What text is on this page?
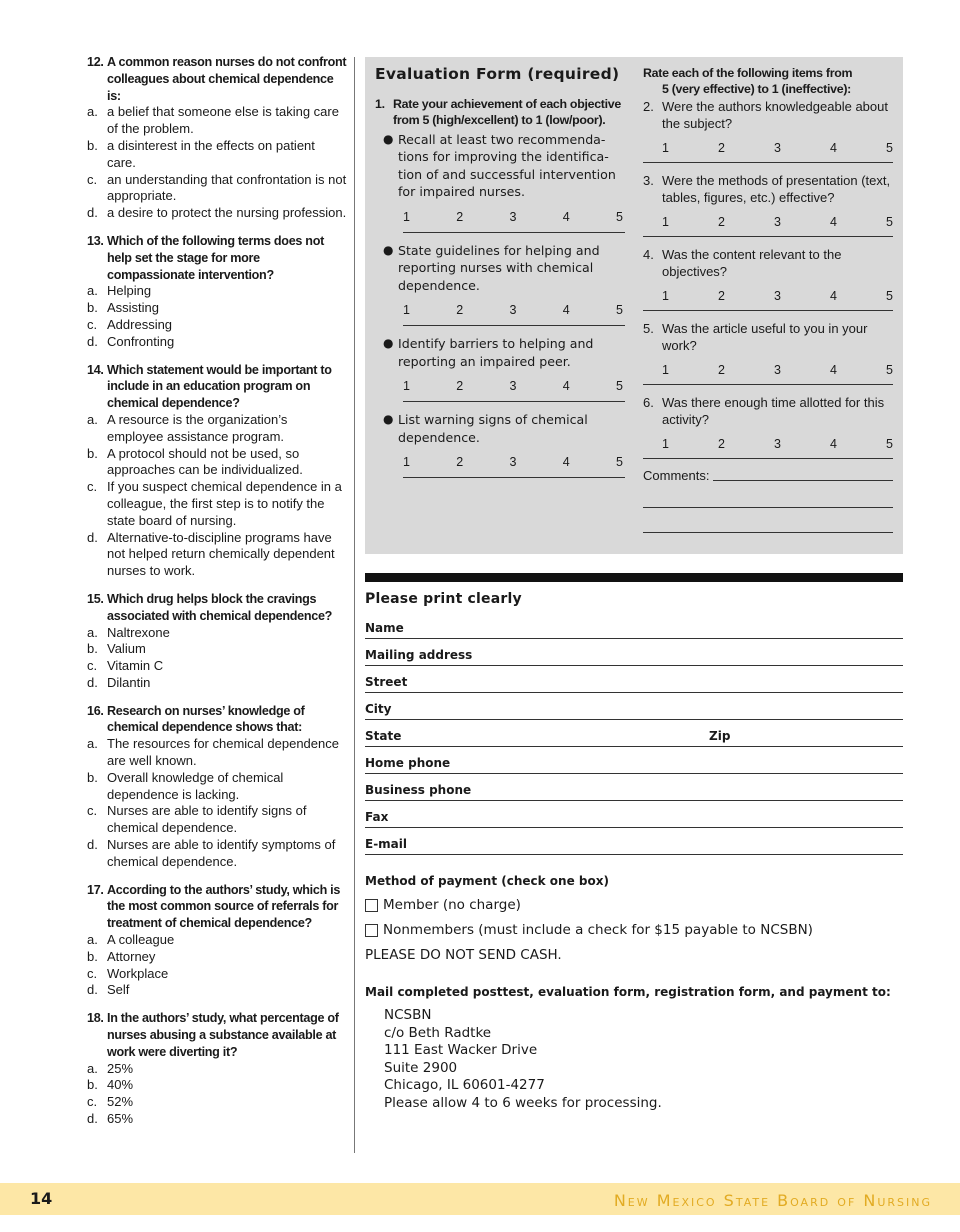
12. A common reason nurses do not confront colleagues about chemical dependence is:
a. a belief that someone else is taking care of the problem.
b. a disinterest in the effects on patient care.
c. an understanding that confrontation is not appropriate.
d. a desire to protect the nursing profession.
13. Which of the following terms does not help set the stage for more compassionate intervention?
a. Helping
b. Assisting
c. Addressing
d. Confronting
14. Which statement would be important to include in an education program on chemical dependence?
a. A resource is the organization’s employee assistance program.
b. A protocol should not be used, so approaches can be individualized.
c. If you suspect chemical dependence in a colleague, the first step is to notify the state board of nursing.
d. Alternative-to-discipline programs have not helped return chemically dependent nurses to work.
15. Which drug helps block the cravings associated with chemical dependence?
a. Naltrexone
b. Valium
c. Vitamin C
d. Dilantin
16. Research on nurses’ knowledge of chemical dependence shows that:
a. The resources for chemical dependence are well known.
b. Overall knowledge of chemical dependence is lacking.
c. Nurses are able to identify signs of chemical dependence.
d. Nurses are able to identify symptoms of chemical dependence.
17. According to the authors’ study, which is the most common source of referrals for treatment of chemical dependence?
a. A colleague
b. Attorney
c. Workplace
d. Self
18. In the authors’ study, what percentage of nurses abusing a substance available at work were diverting it?
a. 25%
b. 40%
c. 52%
d. 65%
Evaluation Form (required)
1. Rate your achievement of each objective from 5 (high/excellent) to 1 (low/poor).
● Recall at least two recommenda-tions for improving the identifica-tion of and successful intervention for impaired nurses.
1	2	3	4	5
● State guidelines for helping and reporting nurses with chemical dependence.
1	2	3	4	5
● Identify barriers to helping and reporting an impaired peer.
1	2	3	4	5
● List warning signs of chemical dependence.
1	2	3	4	5
Rate each of the following items from
5 (very effective) to 1 (ineffective):
2. Were the authors knowledgeable about the subject?
1	2	3	4	5
3. Were the methods of presentation (text, tables, figures, etc.) effective?
1	2	3	4	5
4. Was the content relevant to the objectives?
1	2	3	4	5
5. Was the article useful to you in your work?
1	2	3	4	5
6. Was there enough time allotted for this activity?
1	2	3	4	5
Comments:
Please print clearly
Name
Mailing address
Street
City
State	Zip
Home phone
Business phone
Fax
E-mail
Method of payment (check one box)
Member (no charge)
Nonmembers (must include a check for $15 payable to NCSBN)
PLEASE DO NOT SEND CASH.
Mail completed posttest, evaluation form, registration form, and payment to:
NCSBN
c/o Beth Radtke
111 East Wacker Drive
Suite 2900
Chicago, IL 60601-4277
Please allow 4 to 6 weeks for processing.
14	New Mexico State Board of Nursing
